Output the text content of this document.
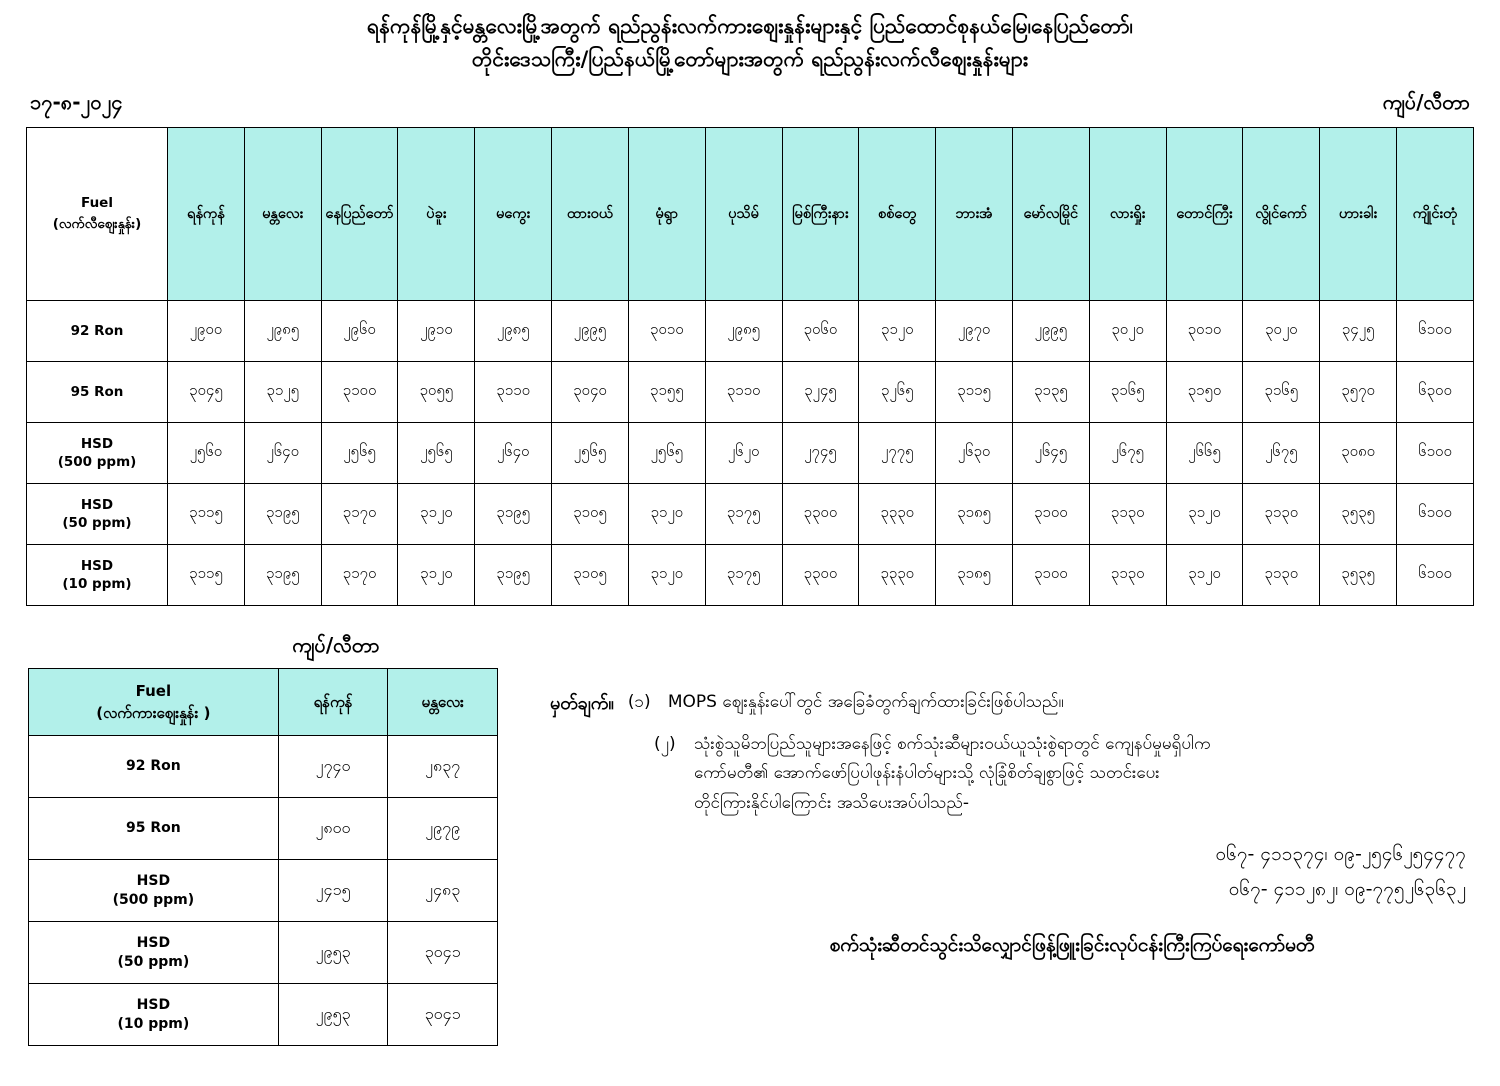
ရန်ကုန်မြို့နှင့်မန္တလေးမြို့အတွက် ရည်ညွန်းလက်ကားဈေးနှုန်းများနှင့် ပြည်ထောင်စုနယ်မြေ၊နေပြည်တော်၊
တိုင်းဒေသကြီး/ပြည်နယ်မြို့တော်များအတွက် ရည်ညွန်းလက်လီဈေးနှုန်းများ
၁၇-၈-၂၀၂၄	ကျပ်/လီတာ
Fuel
(လက်လီဈေးနှုန်း)	ရန်ကုန်	မန္တလေး	နေပြည်တော်	ပဲခူး	မကွေး	ထားဝယ်	မုံရွာ	ပုသိမ်	မြစ်ကြီးနား	စစ်တွေ	ဘားအံ	မော်လမြိုင်	လားရှိုး	တောင်ကြီး	လွိုင်ကော်	ဟားခါး	ကျိုင်းတုံ

92 Ron	၂၉၀၀	၂၉၈၅	၂၉၆၀	၂၉၁၀	၂၉၈၅	၂၉၉၅	၃၀၁၀	၂၉၈၅	၃၀၆၀	၃၁၂၀	၂၉၇၀	၂၉၉၅	၃၀၂၀	၃၀၁၀	၃၀၂၀	၃၄၂၅	၆၁၀၀

95 Ron	၃၀၄၅	၃၁၂၅	၃၁၀၀	၃၀၅၅	၃၁၁၀	၃၀၄၀	၃၁၅၅	၃၁၁၀	၃၂၄၅	၃၂၆၅	၃၁၁၅	၃၁၃၅	၃၁၆၅	၃၁၅၀	၃၁၆၅	၃၅၇၀	၆၃၀၀

HSD
(500 ppm)	၂၅၆၀	၂၆၄၀	၂၅၆၅	၂၅၆၅	၂၆၄၀	၂၅၆၅	၂၅၆၅	၂၆၂၀	၂၇၄၅	၂၇၇၅	၂၆၃၀	၂၆၄၅	၂၆၇၅	၂၆၆၅	၂၆၇၅	၃၀၈၀	၆၁၀၀

HSD
(50 ppm)	၃၁၁၅	၃၁၉၅	၃၁၇၀	၃၁၂၀	၃၁၉၅	၃၁၀၅	၃၁၂၀	၃၁၇၅	၃၃၀၀	၃၃၃၀	၃၁၈၅	၃၁၀၀	၃၁၃၀	၃၁၂၀	၃၁၃၀	၃၅၃၅	၆၁၀၀

HSD
(10 ppm)	၃၁၁၅	၃၁၉၅	၃၁၇၀	၃၁၂၀	၃၁၉၅	၃၁၀၅	၃၁၂၀	၃၁၇၅	၃၃၀၀	၃၃၃၀	၃၁၈၅	၃၁၀၀	၃၁၃၀	၃၁၂၀	၃၁၃၀	၃၅၃၅	၆၁၀၀
ကျပ်/လီတာ
Fuel
(လက်ကားဈေးနှုန်း )	ရန်ကုန်	မန္တလေး

92 Ron	၂၇၄၀	၂၈၃၇

95 Ron	၂၈၀၀	၂၉၇၉

HSD
(500 ppm)	၂၄၁၅	၂၄၈၃

HSD
(50 ppm)	၂၉၅၃	၃၀၄၁

HSD
(10 ppm)	၂၉၅၃	၃၀၄၁
မှတ်ချက်။ (၁)	MOPS ဈေးနှုန်းပေါ်တွင် အခြေခံတွက်ချက်ထားခြင်းဖြစ်ပါသည်။
(၂)	သုံးစွဲသူမိဘပြည်သူများအနေဖြင့် စက်သုံးဆီများဝယ်ယူသုံးစွဲရာတွင် ကျေနပ်မှုမရှိပါက
ကော်မတီ၏ အောက်ဖော်ပြပါဖုန်းနံပါတ်များသို့ လုံခြုံစိတ်ချစွာဖြင့် သတင်းပေး
တိုင်ကြားနိုင်ပါကြောင်း အသိပေးအပ်ပါသည်-
၀၆၇- ၄၁၁၃၇၄၊ ၀၉-၂၅၄၆၂၅၄၄၇၇
၀၆၇- ၄၁၁၂၈၂၊ ၀၉-၇၇၅၂၆၃၆၃၂
စက်သုံးဆီတင်သွင်းသိလျှောင်ဖြန့်ဖြူးခြင်းလုပ်ငန်းကြီးကြပ်ရေးကော်မတီ
